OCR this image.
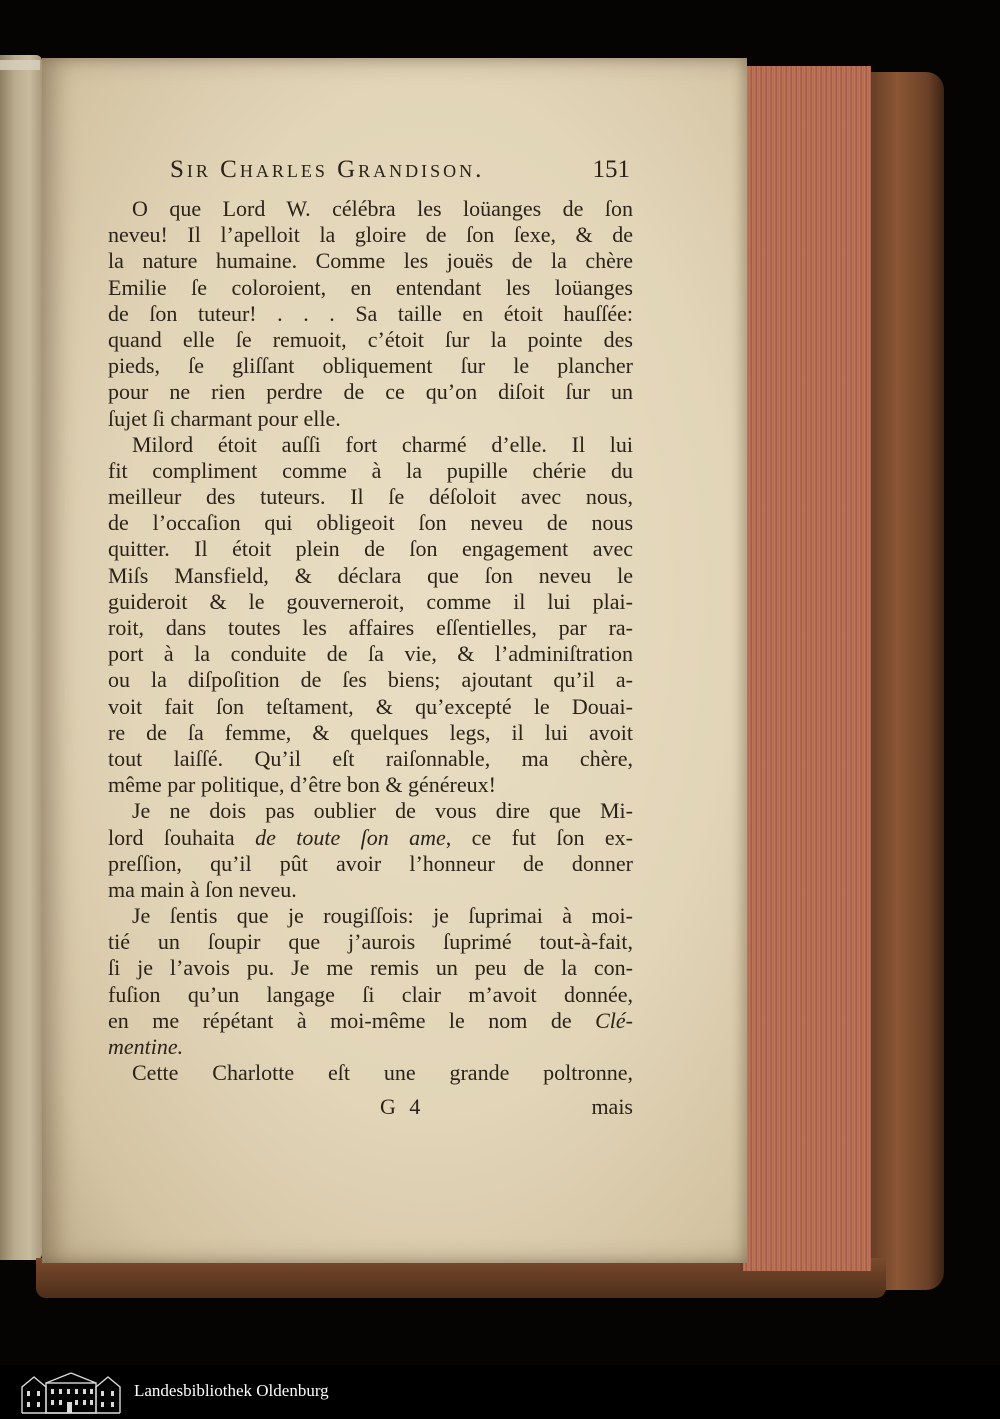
Sir Charles Grandison.	151
O que Lord W. célébra les loüanges de ſon
neveu! Il l’apelloit la gloire de ſon ſexe, & de
la nature humaine. Comme les jouës de la chère
Emilie ſe coloroient, en entendant les loüanges
de ſon tuteur! . . . Sa taille en étoit hauſſée:
quand elle ſe remuoit, c’étoit ſur la pointe des
pieds, ſe gliſſant obliquement ſur le plancher
pour ne rien perdre de ce qu’on diſoit ſur un
ſujet ſi charmant pour elle.
Milord étoit auſſi fort charmé d’elle. Il lui
fit compliment comme à la pupille chérie du
meilleur des tuteurs. Il ſe déſoloit avec nous,
de l’occaſion qui obligeoit ſon neveu de nous
quitter. Il étoit plein de ſon engagement avec
Miſs Mansfield, & déclara que ſon neveu le
guideroit & le gouverneroit, comme il lui plai-
roit, dans toutes les affaires eſſentielles, par ra-
port à la conduite de ſa vie, & l’adminiſtration
ou la diſpoſition de ſes biens; ajoutant qu’il a-
voit fait ſon teſtament, & qu’excepté le Douai-
re de ſa femme, & quelques legs, il lui avoit
tout laiſſé. Qu’il eſt raiſonnable, ma chère,
même par politique, d’être bon & généreux!
Je ne dois pas oublier de vous dire que Mi-
lord ſouhaita de toute ſon ame, ce fut ſon ex-
preſſion, qu’il pût avoir l’honneur de donner
ma main à ſon neveu.
Je ſentis que je rougiſſois: je ſuprimai à moi-
tié un ſoupir que j’aurois ſuprimé tout-à-fait,
ſi je l’avois pu. Je me remis un peu de la con-
fuſion qu’un langage ſi clair m’avoit donnée,
en me répétant à moi-même le nom de Clé-
mentine.
Cette Charlotte eſt une grande poltronne,
G 4	mais
Landesbibliothek Oldenburg
